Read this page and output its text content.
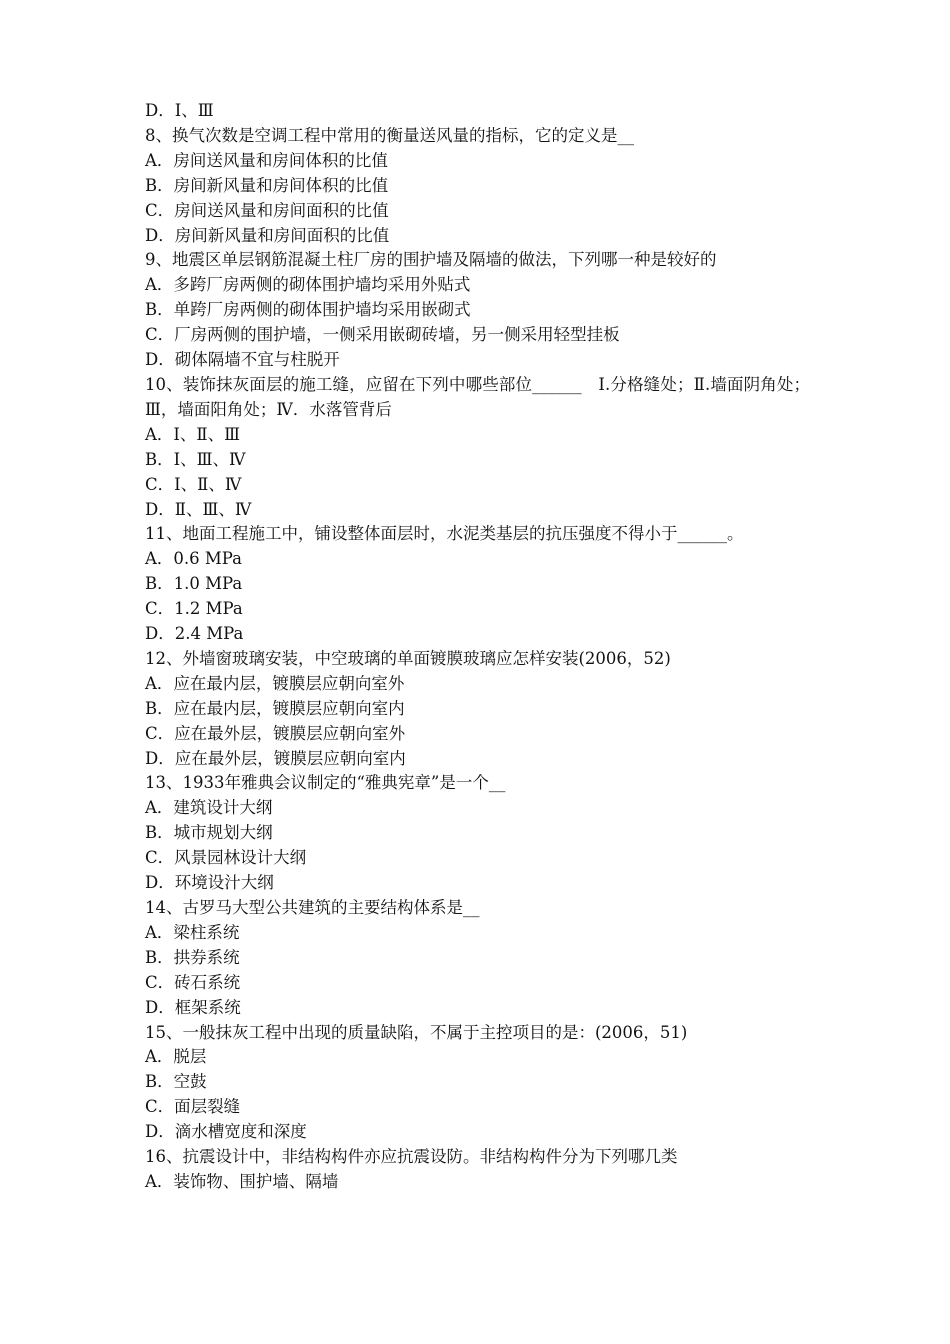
D．Ⅰ、Ⅲ

8、换气次数是空调工程中常用的衡量送风量的指标，它的定义是__

A．房间送风量和房间体积的比值

B．房间新风量和房间体积的比值

C．房间送风量和房间面积的比值

D．房间新风量和房间面积的比值

9、地震区单层钢筋混凝土柱厂房的围护墙及隔墙的做法，下列哪一种是较好的

A．多跨厂房两侧的砌体围护墙均采用外贴式

B．单跨厂房两侧的砌体围护墙均采用嵌砌式

C．厂房两侧的围护墙，一侧采用嵌砌砖墙，另一侧采用轻型挂板

D．砌体隔墙不宜与柱脱开

10、装饰抹灰面层的施工缝，应留在下列中哪些部位______　Ⅰ.分格缝处；Ⅱ.墙面阴角处；Ⅲ，墙面阳角处；Ⅳ．水落管背后

A．Ⅰ、Ⅱ、Ⅲ

B．Ⅰ、Ⅲ、Ⅳ

C．Ⅰ、Ⅱ、Ⅳ

D．Ⅱ、Ⅲ、Ⅳ

11、地面工程施工中，铺设整体面层时，水泥类基层的抗压强度不得小于______。

A．0.6 MPa

B．1.0 MPa

C．1.2 MPa

D．2.4 MPa

12、外墙窗玻璃安装，中空玻璃的单面镀膜玻璃应怎样安装(2006，52)

A．应在最内层，镀膜层应朝向室外

B．应在最内层，镀膜层应朝向室内

C．应在最外层，镀膜层应朝向室外

D．应在最外层，镀膜层应朝向室内

13、1933年雅典会议制定的“雅典宪章”是一个__

A．建筑设计大纲

B．城市规划大纲

C．风景园林设计大纲

D．环境设汁大纲

14、古罗马大型公共建筑的主要结构体系是__

A．梁柱系统

B．拱券系统

C．砖石系统

D．框架系统

15、一般抹灰工程中出现的质量缺陷，不属于主控项目的是：(2006，51)

A．脱层

B．空鼓

C．面层裂缝

D．滴水槽宽度和深度

16、抗震设计中，非结构构件亦应抗震设防。非结构构件分为下列哪几类

A．装饰物、围护墙、隔墙
